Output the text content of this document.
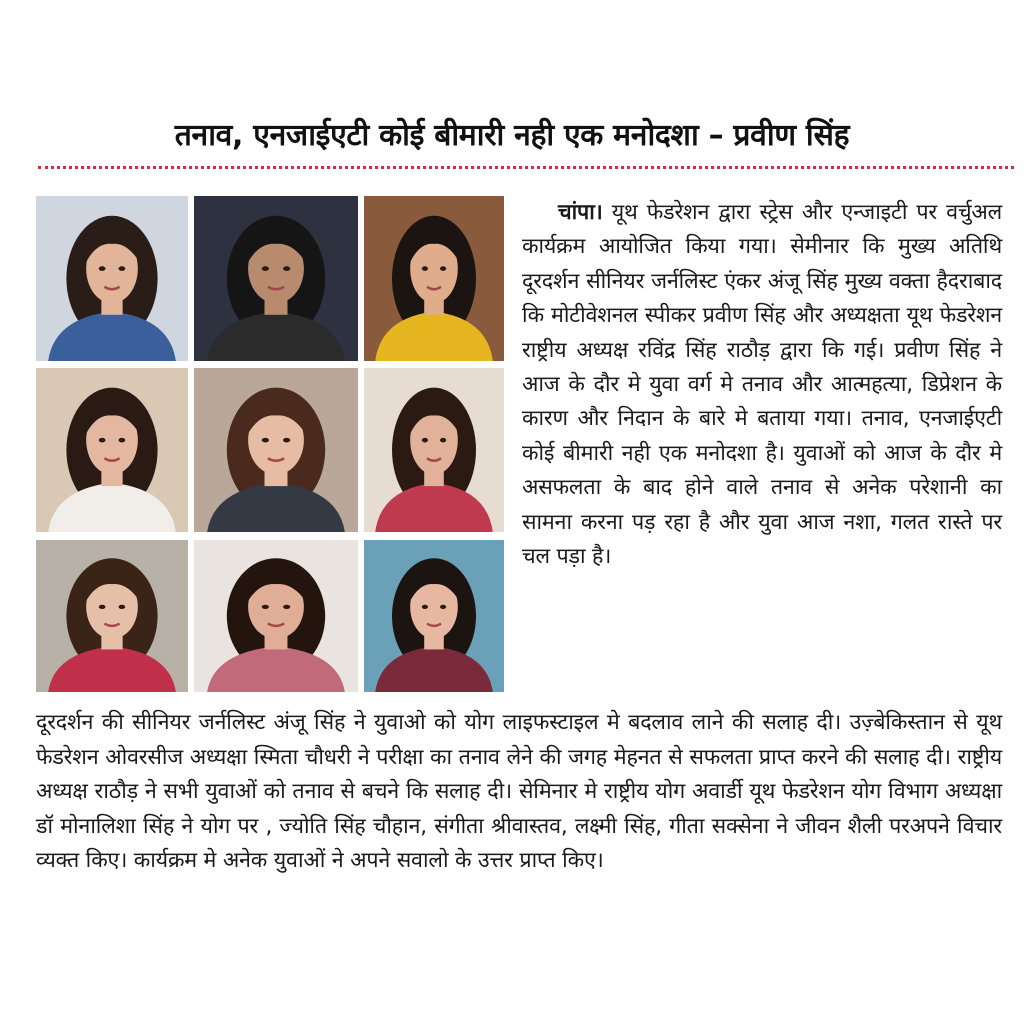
तनाव, एनजाईएटी कोई बीमारी नही एक मनोदशा – प्रवीण सिंह

चांपा। यूथ फेडरेशन द्वारा स्ट्रेस और एन्जाइटी पर वर्चुअल कार्यक्रम आयोजित किया गया। सेमीनार कि मुख्य अतिथि दूरदर्शन सीनियर जर्नलिस्ट एंकर अंजू सिंह मुख्य वक्ता हैदराबाद कि मोटीवेशनल स्पीकर प्रवीण सिंह और अध्यक्षता यूथ फेडरेशन राष्ट्रीय अध्यक्ष रविंद्र सिंह राठौड़ द्वारा कि गई। प्रवीण सिंह ने आज के दौर मे युवा वर्ग मे तनाव और आत्महत्या, डिप्रेशन के कारण और निदान के बारे मे बताया गया। तनाव, एनजाईएटी कोई बीमारी नही एक मनोदशा है। युवाओं को आज के दौर मे असफलता के बाद होने वाले तनाव से अनेक परेशानी का सामना करना पड़ रहा है और युवा आज नशा, गलत रास्ते पर चल पड़ा है।

दूरदर्शन की सीनियर जर्नलिस्ट अंजू सिंह ने युवाओ को योग लाइफस्टाइल मे बदलाव लाने की सलाह दी। उज़्बेकिस्तान से यूथ फेडरेशन ओवरसीज अध्यक्षा स्मिता चौधरी ने परीक्षा का तनाव लेने की जगह मेहनत से सफलता प्राप्त करने की सलाह दी। राष्ट्रीय अध्यक्ष राठौड़ ने सभी युवाओं को तनाव से बचने कि सलाह दी। सेमिनार मे राष्ट्रीय योग अवार्डी यूथ फेडरेशन योग विभाग अध्यक्षा डॉ मोनालिशा सिंह ने योग पर , ज्योति सिंह चौहान, संगीता श्रीवास्तव, लक्ष्मी सिंह, गीता सक्सेना ने जीवन शैली परअपने विचार व्यक्त किए। कार्यक्रम मे अनेक युवाओं ने अपने सवालो के उत्तर प्राप्त किए।
